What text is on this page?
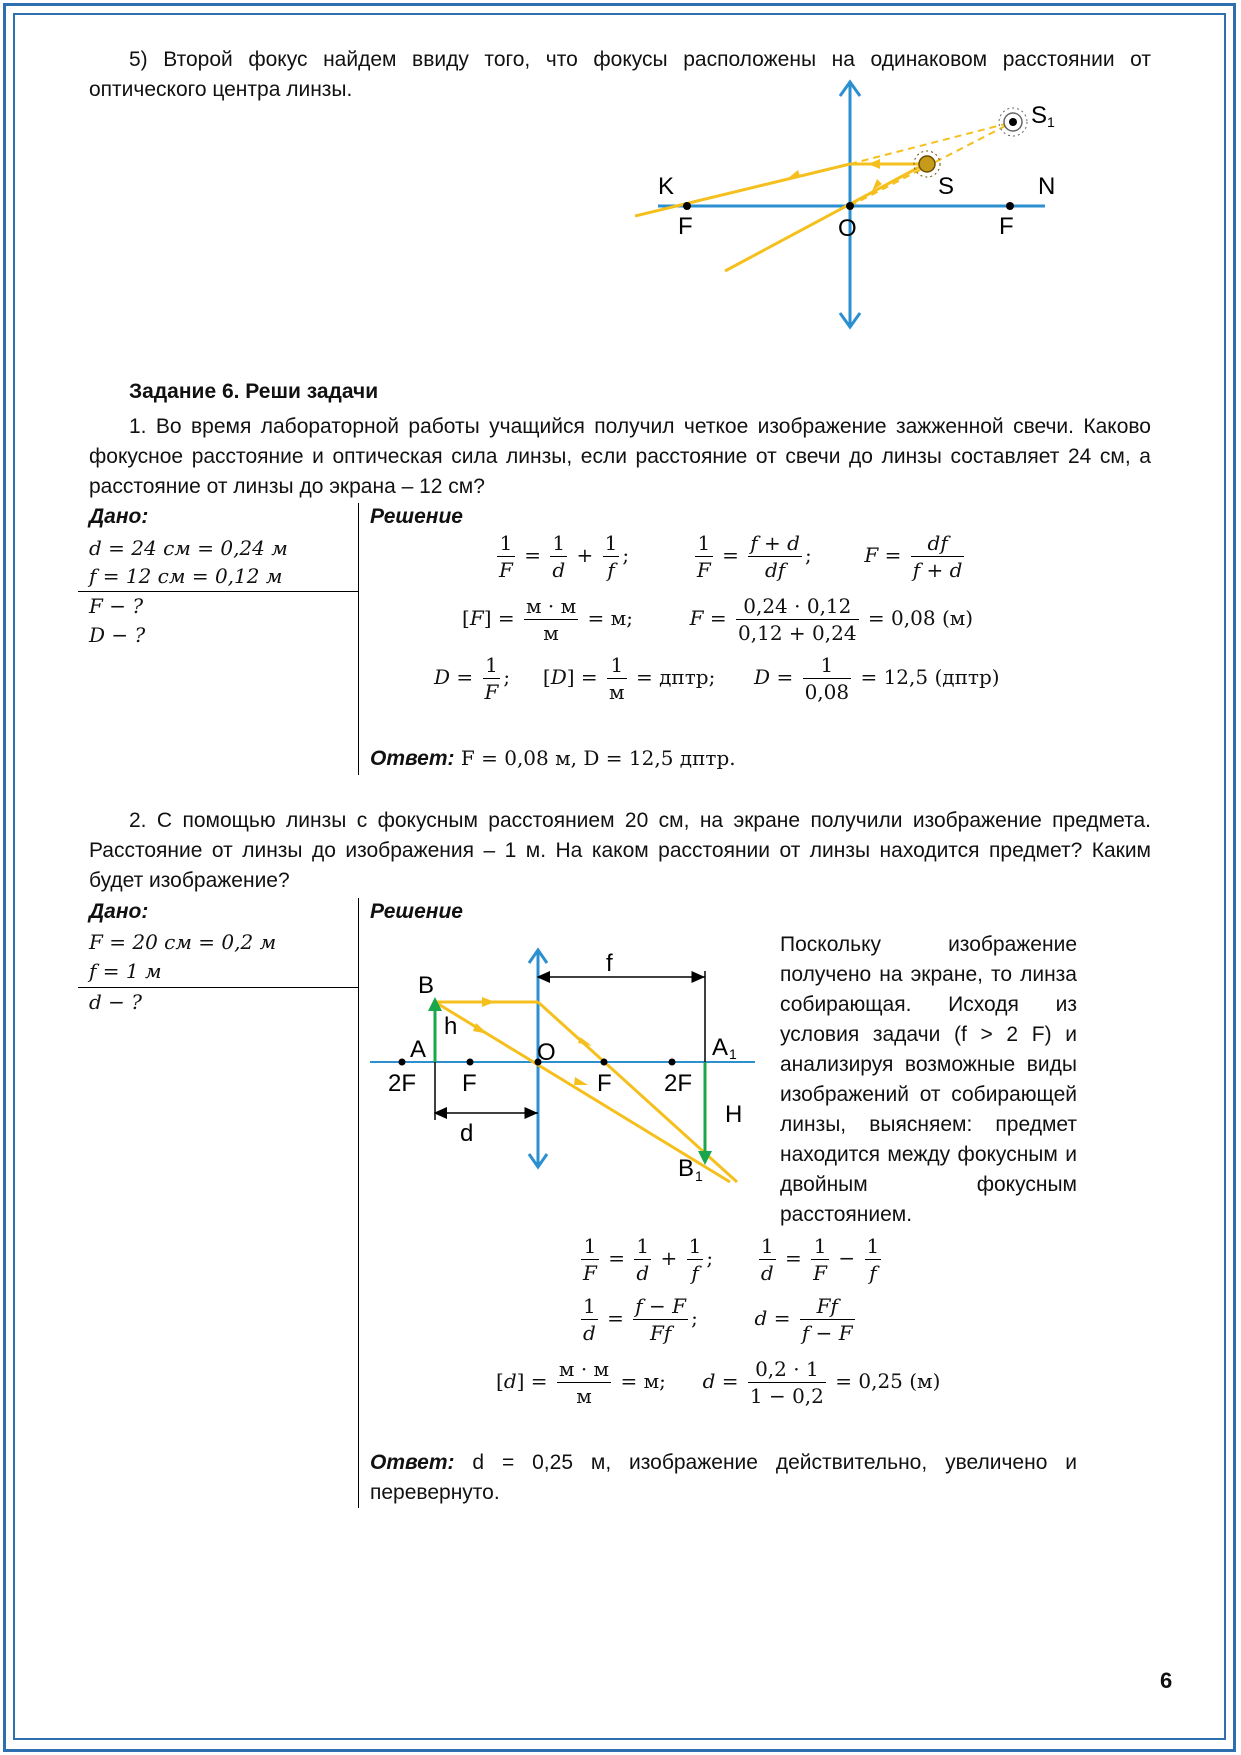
5) Второй фокус найдем ввиду того, что фокусы расположены на одинаковом расстоянии от оптического центра линзы.
K	N
F	O	F
S
S 1
Задание 6. Реши задачи
1. Во время лабораторной работы учащийся получил четкое изображение зажженной свечи. Каково фокусное расстояние и оптическая сила линзы, если расстояние от свечи до линзы составляет 24 см, а расстояние от линзы до экрана – 12 см?
Дано:
d = 24 см = 0,24 м
f = 12 см = 0,12 м
F − ?
D − ?
Решение
$\frac{1}{F} = \frac{1}{d} + \frac{1}{f}$ ;	$\frac{1}{F} = \frac{f + d}{df}$ ;  $F = \frac{df}{f + d}$
$[F] = \frac{м \cdot м}{м} = м$;	$F = \frac{0,24 \cdot 0,12}{0,12 + 0,24} = 0,08$ (м)
$D = \frac{1}{F}$ ;  $[D] = \frac{1}{м}$ = дптр;  $D = \frac{1}{0,08} = 12,5$ (дптр)
Ответ: F = 0,08 м, D = 12,5 дптр.
2. С помощью линзы с фокусным расстоянием 20 см, на экране получили изображение предмета. Расстояние от линзы до изображения – 1 м. На каком расстоянии от линзы находится предмет? Каким будет изображение?
Дано:
F = 20 см = 0,2 м
f = 1 м
d − ?
Решение
B
h
A
2F F
O
F 2F
A 1
H
B 1
d
f
Поскольку изображение получено на экране, то линза собирающая. Исходя из условия задачи (f > 2 F) и анализируя возможные виды изображений от собирающей линзы, выясняем: предмет находится между фокусным и двойным фокусным расстоянием.
$\frac{1}{F} = \frac{1}{d} + \frac{1}{f}$ ; $\frac{1}{d} = \frac{1}{F} - \frac{1}{f}$
$\frac{1}{d} = \frac{f - F}{Ff}$ ;	$d = \frac{Ff}{f - F}$
$[d] = \frac{м \cdot м}{м} = м$;  $d = \frac{0,2 \cdot 1}{1 - 0,2} = 0,25$ (м)
Ответ: d = 0,25 м, изображение действительно, увеличено и перевернуто.
6
